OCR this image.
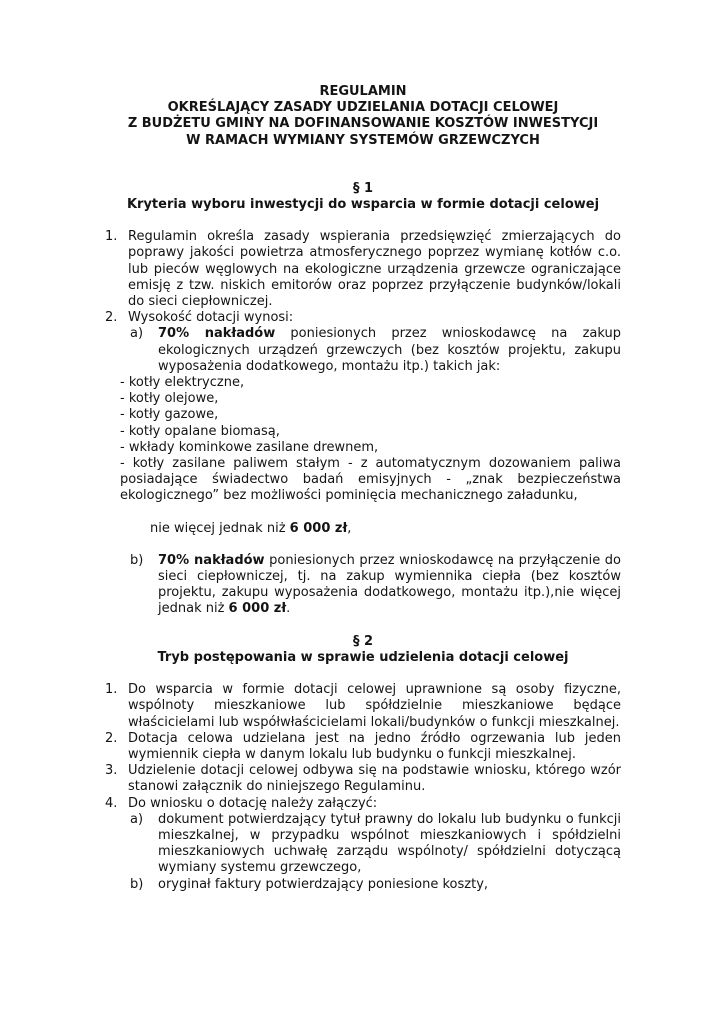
REGULAMIN
OKREŚLAJĄCY ZASADY UDZIELANIA DOTACJI CELOWEJ
Z BUDŻETU GMINY NA DOFINANSOWANIE KOSZTÓW INWESTYCJI
W RAMACH WYMIANY SYSTEMÓW GRZEWCZYCH
§ 1
Kryteria wyboru inwestycji do wsparcia w formie dotacji celowej
1. Regulamin określa zasady wspierania przedsięwzięć zmierzających do poprawy jakości powietrza atmosferycznego poprzez wymianę kotłów c.o. lub pieców węglowych na ekologiczne urządzenia grzewcze ograniczające emisję z tzw. niskich emitorów oraz poprzez przyłączenie budynków/lokali do sieci ciepłowniczej.
2. Wysokość dotacji wynosi:
a)	70% nakładów poniesionych przez wnioskodawcę na zakup ekologicznych urządzeń grzewczych (bez kosztów projektu, zakupu wyposażenia dodatkowego, montażu itp.) takich jak:
- kotły elektryczne,
- kotły olejowe,
- kotły gazowe,
- kotły opalane biomasą,
- wkłady kominkowe zasilane drewnem,
- kotły zasilane paliwem stałym - z automatycznym dozowaniem paliwa posiadające świadectwo badań emisyjnych - „znak bezpieczeństwa ekologicznego” bez możliwości pominięcia mechanicznego załadunku,
nie więcej jednak niż 6 000 zł,
b)	70% nakładów poniesionych przez wnioskodawcę na przyłączenie do sieci ciepłowniczej, tj. na zakup wymiennika ciepła (bez kosztów projektu, zakupu wyposażenia dodatkowego, montażu itp.),nie więcej jednak niż 6 000 zł.
§ 2
Tryb postępowania w sprawie udzielenia dotacji celowej
1. Do wsparcia w formie dotacji celowej uprawnione są osoby fizyczne, wspólnoty mieszkaniowe lub spółdzielnie mieszkaniowe będące właścicielami lub współwłaścicielami lokali/budynków o funkcji mieszkalnej.
2. Dotacja celowa udzielana jest na jedno źródło ogrzewania lub jeden wymiennik ciepła w danym lokalu lub budynku o funkcji mieszkalnej.
3. Udzielenie dotacji celowej odbywa się na podstawie wniosku, którego wzór stanowi załącznik do niniejszego Regulaminu.
4. Do wniosku o dotację należy załączyć:
a)	dokument potwierdzający tytuł prawny do lokalu lub budynku o funkcji mieszkalnej, w przypadku wspólnot mieszkaniowych i spółdzielni mieszkaniowych uchwałę zarządu wspólnoty/ spółdzielni dotyczącą wymiany systemu grzewczego,
b)	oryginał faktury potwierdzający poniesione koszty,
